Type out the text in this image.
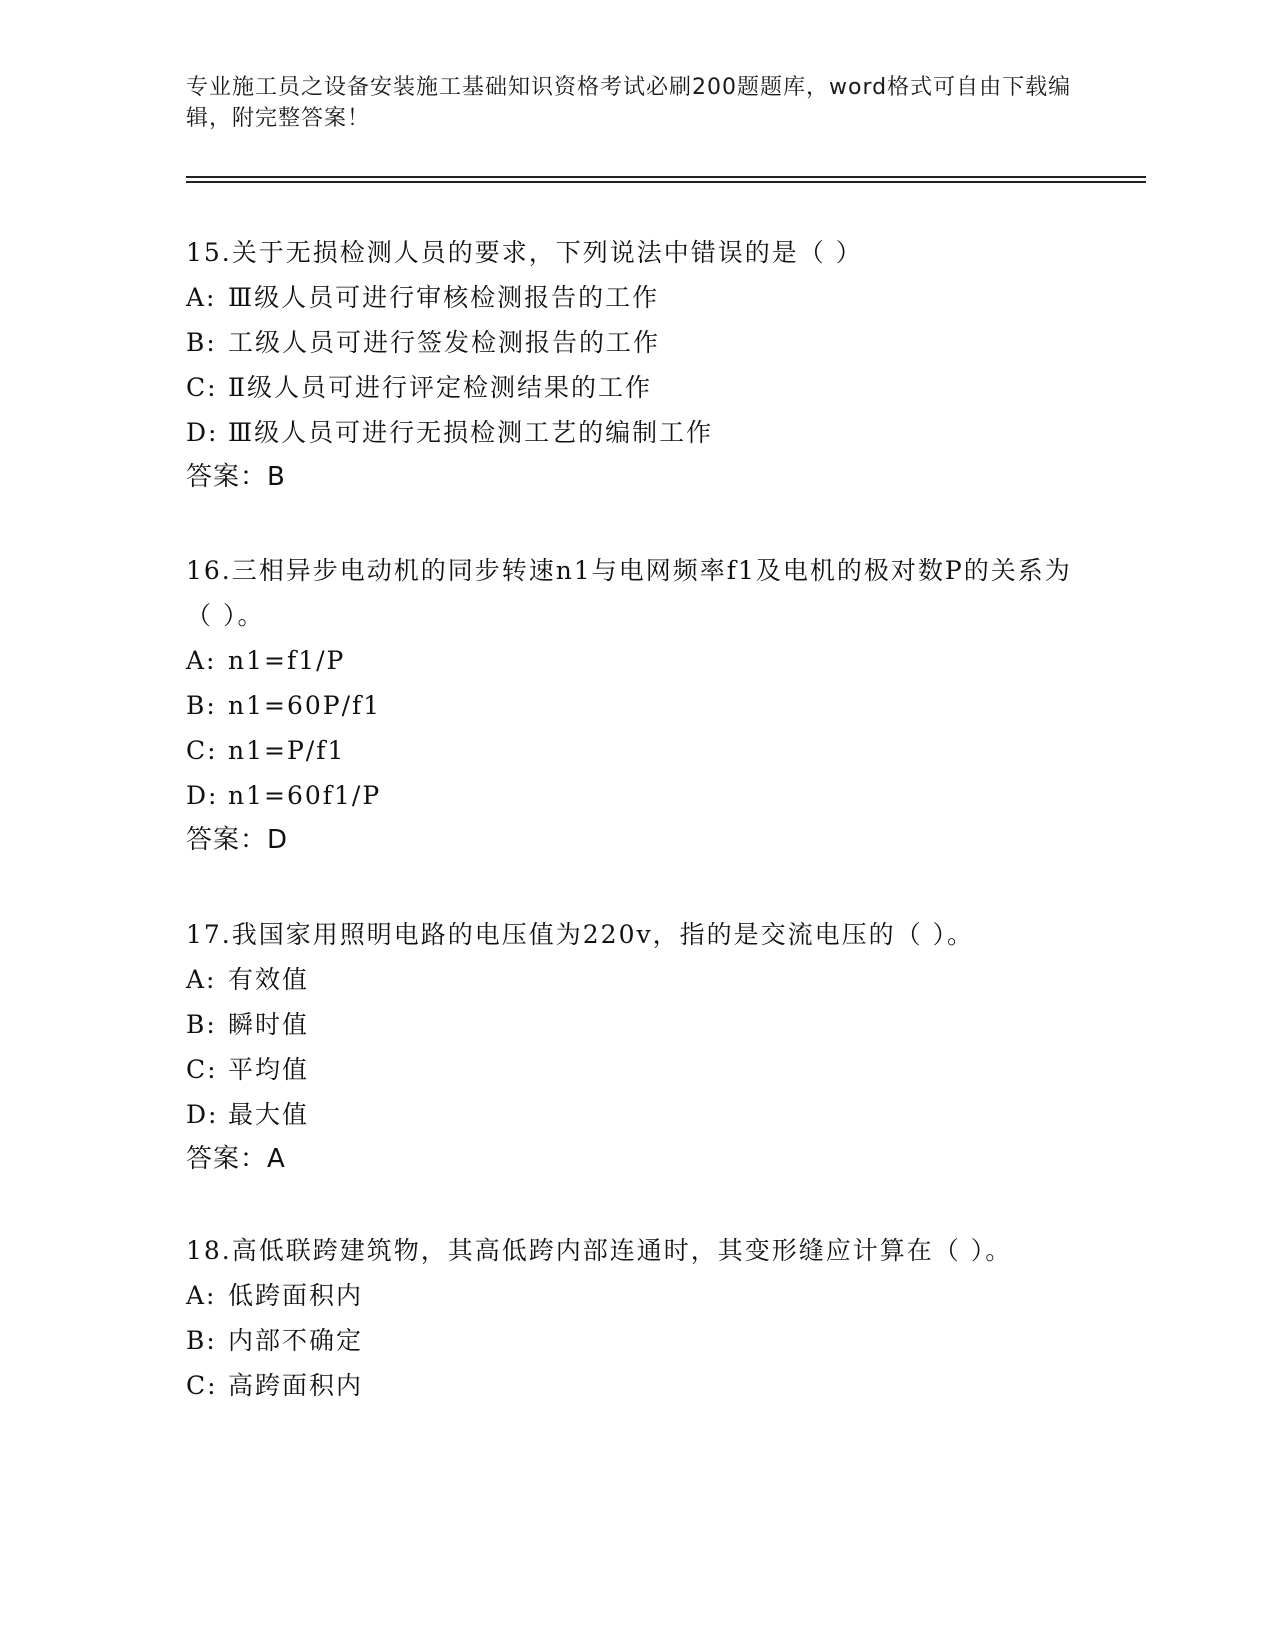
专业施工员之设备安装施工基础知识资格考试必刷200题题库，word格式可自由下载编辑，附完整答案！

15.关于无损检测人员的要求，下列说法中错误的是（ ）

A: Ⅲ级人员可进行审核检测报告的工作

B: 工级人员可进行签发检测报告的工作

C: Ⅱ级人员可进行评定检测结果的工作

D: Ⅲ级人员可进行无损检测工艺的编制工作

答案：B

16.三相异步电动机的同步转速n1与电网频率f1及电机的极对数P的关系为（ ）。

A: n1=f1/P

B: n1=60P/f1

C: n1=P/f1

D: n1=60f1/P

答案：D

17.我国家用照明电路的电压值为220v，指的是交流电压的（ ）。

A: 有效值

B: 瞬时值

C: 平均值

D: 最大值

答案：A

18.高低联跨建筑物，其高低跨内部连通时，其变形缝应计算在（ ）。

A: 低跨面积内

B: 内部不确定

C: 高跨面积内
